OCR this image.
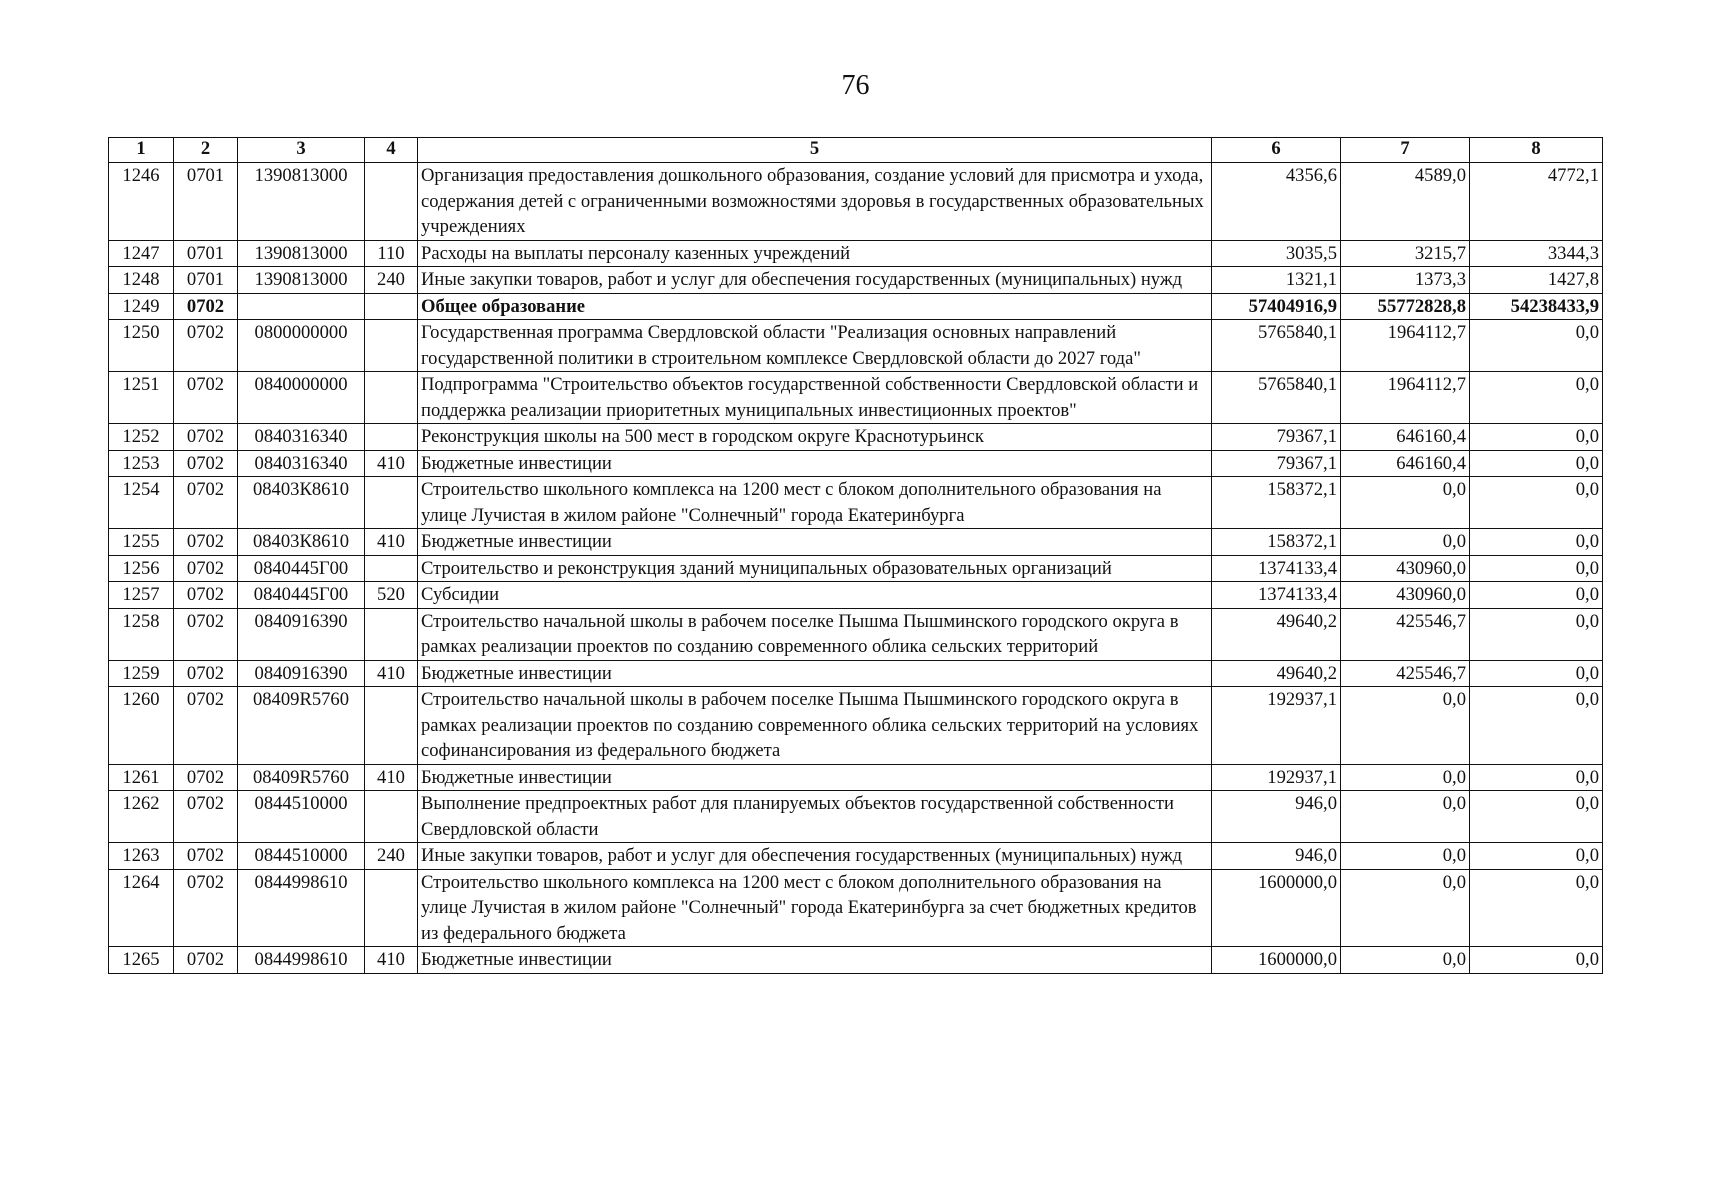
76
1	2	3	4	5	6	7	8
1246	0701	1390813000		Организация предоставления дошкольного образования, создание условий для присмотра и ухода, содержания детей с ограниченными возможностями здоровья в государственных образовательных учреждениях	4356,6	4589,0	4772,1
1247	0701	1390813000	110	Расходы на выплаты персоналу казенных учреждений	3035,5	3215,7	3344,3
1248	0701	1390813000	240	Иные закупки товаров, работ и услуг для обеспечения государственных (муниципальных) нужд	1321,1	1373,3	1427,8
1249	0702			Общее образование	57404916,9	55772828,8	54238433,9
1250	0702	0800000000		Государственная программа Свердловской области "Реализация основных направлений государственной политики в строительном комплексе Свердловской области до 2027 года"	5765840,1	1964112,7	0,0
1251	0702	0840000000		Подпрограмма "Строительство объектов государственной собственности Свердловской области и поддержка реализации приоритетных муниципальных инвестиционных проектов"	5765840,1	1964112,7	0,0
1252	0702	0840316340		Реконструкция школы на 500 мест в городском округе Краснотурьинск	79367,1	646160,4	0,0
1253	0702	0840316340	410	Бюджетные инвестиции	79367,1	646160,4	0,0
1254	0702	08403К8610		Строительство школьного комплекса на 1200 мест с блоком дополнительного образования на улице Лучистая в жилом районе "Солнечный" города Екатеринбурга	158372,1	0,0	0,0
1255	0702	08403К8610	410	Бюджетные инвестиции	158372,1	0,0	0,0
1256	0702	0840445Г00		Строительство и реконструкция зданий муниципальных образовательных организаций	1374133,4	430960,0	0,0
1257	0702	0840445Г00	520	Субсидии	1374133,4	430960,0	0,0
1258	0702	0840916390		Строительство начальной школы в рабочем поселке Пышма Пышминского городского округа в рамках реализации проектов по созданию современного облика сельских территорий	49640,2	425546,7	0,0
1259	0702	0840916390	410	Бюджетные инвестиции	49640,2	425546,7	0,0
1260	0702	08409R5760		Строительство начальной школы в рабочем поселке Пышма Пышминского городского округа в рамках реализации проектов по созданию современного облика сельских территорий на условиях софинансирования из федерального бюджета	192937,1	0,0	0,0
1261	0702	08409R5760	410	Бюджетные инвестиции	192937,1	0,0	0,0
1262	0702	0844510000		Выполнение предпроектных работ для планируемых объектов государственной собственности Свердловской области	946,0	0,0	0,0
1263	0702	0844510000	240	Иные закупки товаров, работ и услуг для обеспечения государственных (муниципальных) нужд	946,0	0,0	0,0
1264	0702	0844998610		Строительство школьного комплекса на 1200 мест с блоком дополнительного образования на улице Лучистая в жилом районе "Солнечный" города Екатеринбурга за счет бюджетных кредитов из федерального бюджета	1600000,0	0,0	0,0
1265	0702	0844998610	410	Бюджетные инвестиции	1600000,0	0,0	0,0
